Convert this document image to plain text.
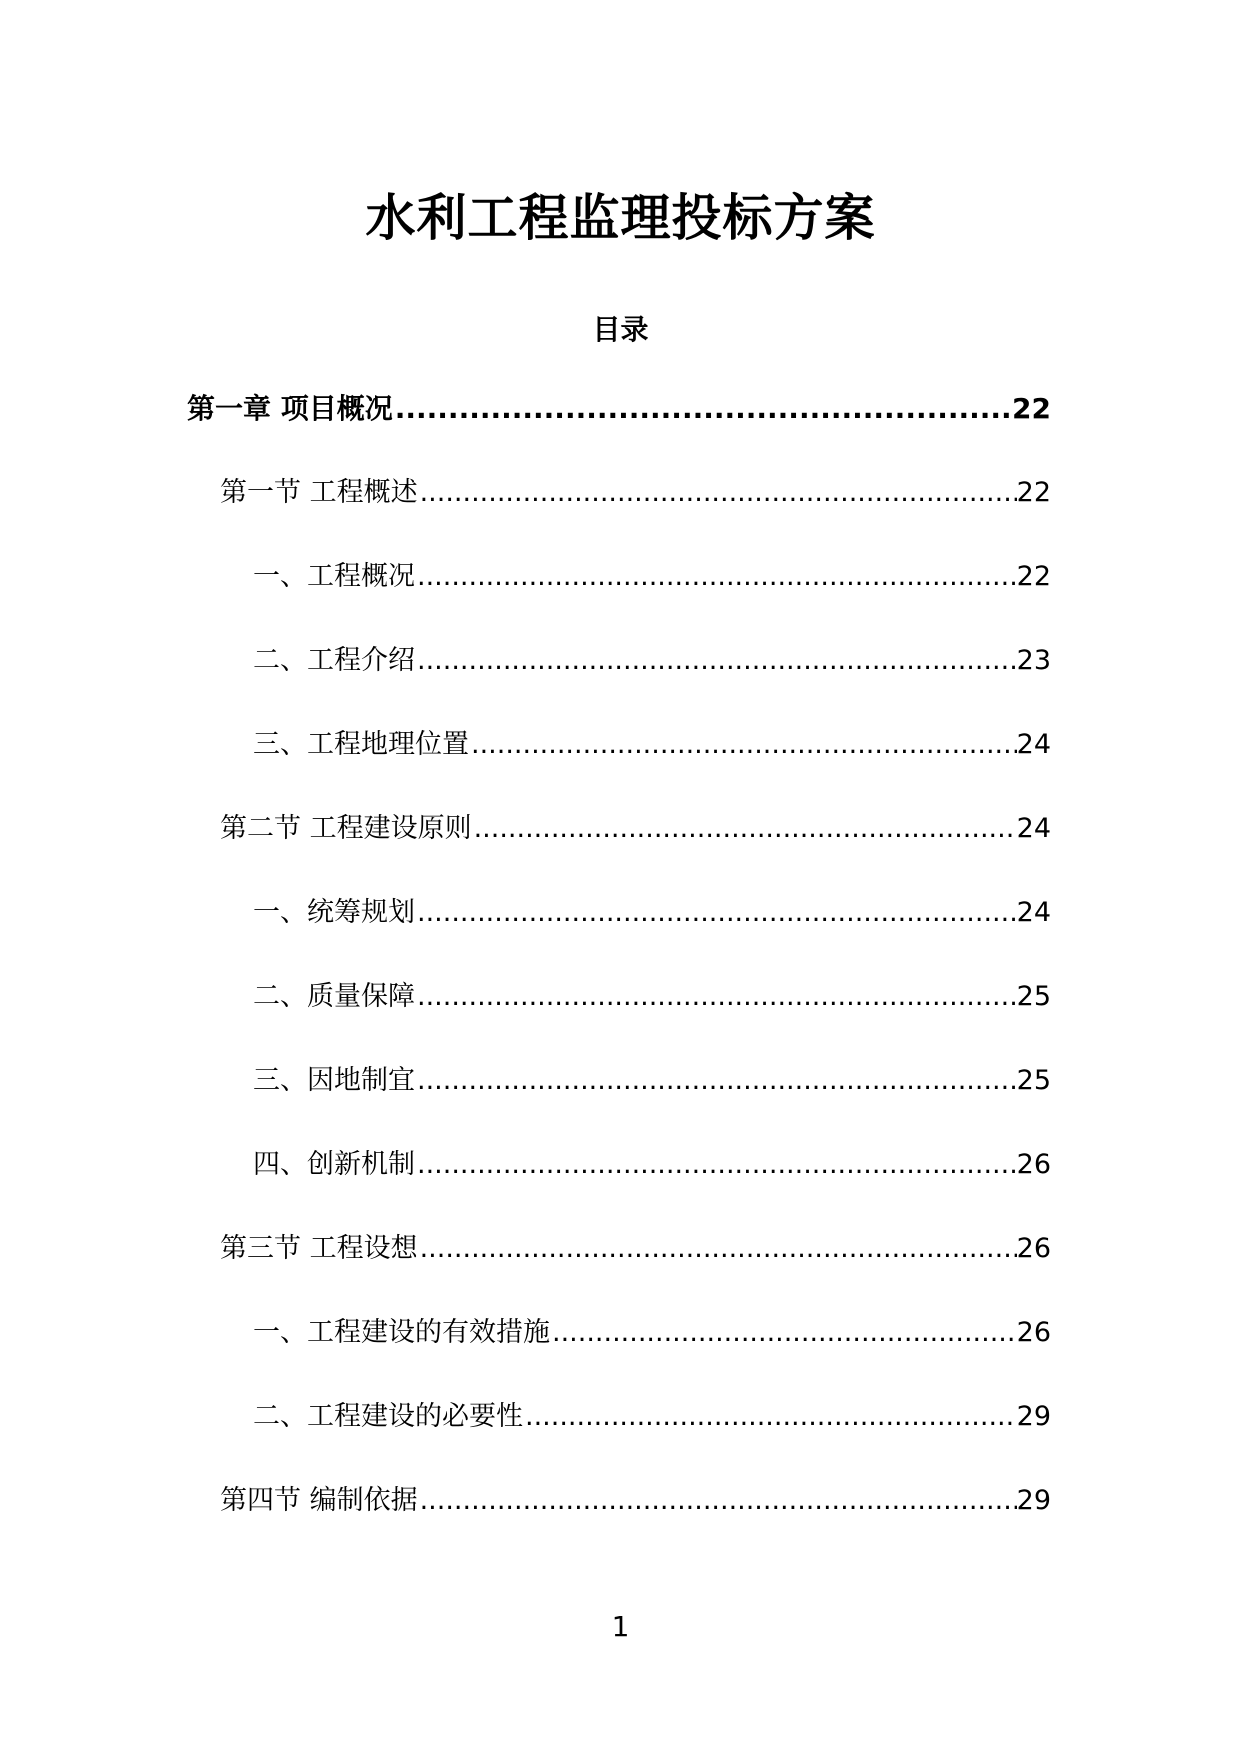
水利工程监理投标方案
目录
第一章 项目概况 .....	22
第一节 工程概述 .....	22
一、工程概况 .....	22
二、工程介绍 .....	23
三、工程地理位置 .....	24
第二节 工程建设原则 .....	24
一、统筹规划 .....	24
二、质量保障 .....	25
三、因地制宜 .....	25
四、创新机制 .....	26
第三节 工程设想 .....	26
一、工程建设的有效措施 .....	26
二、工程建设的必要性 .....	29
第四节 编制依据 .....	29
1
